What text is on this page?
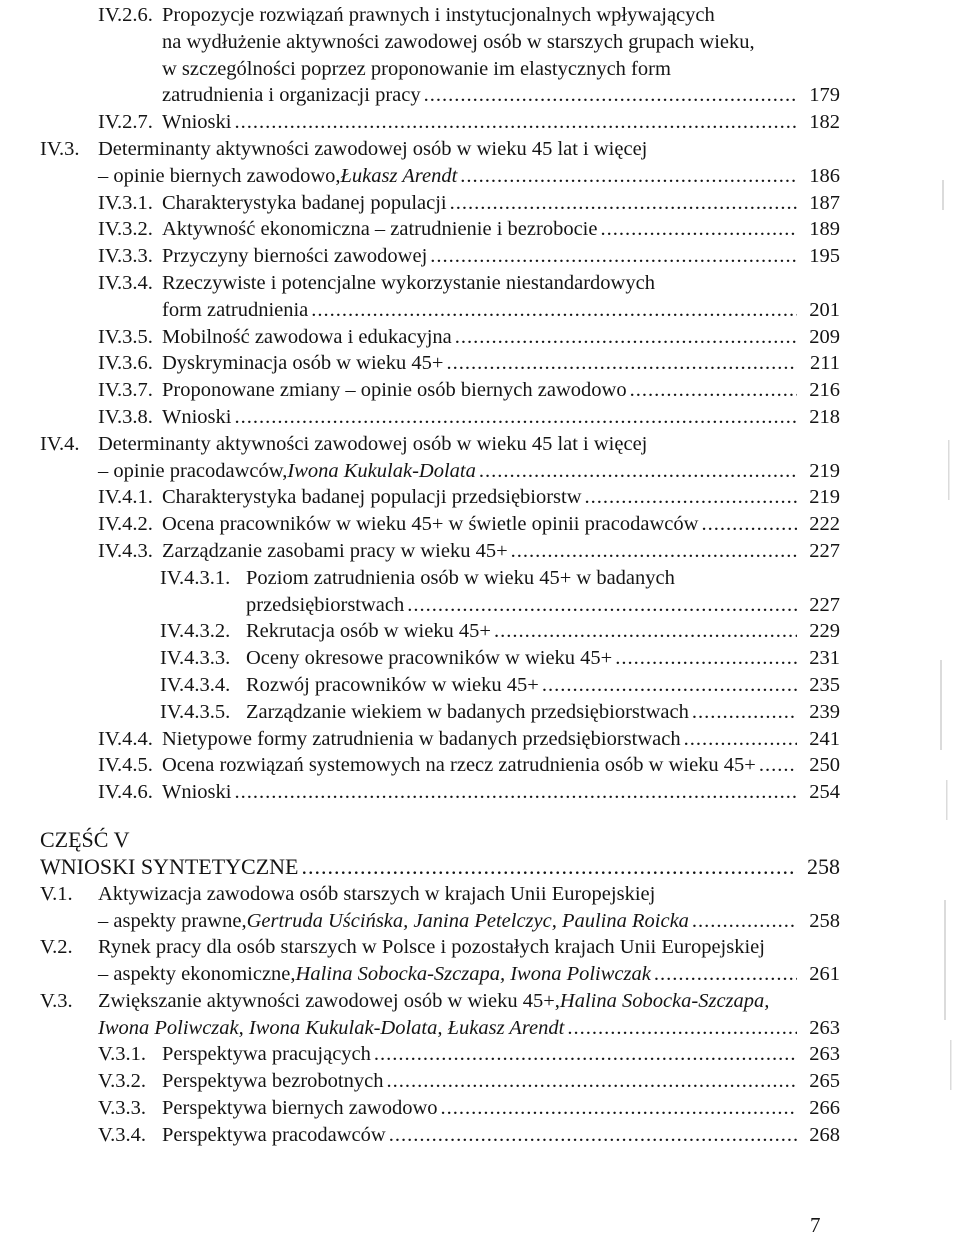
IV.2.6. Propozycje rozwiązań prawnych i instytucjonalnych wpływających
na wydłużenie aktywności zawodowej osób w starszych grupach wieku,
w szczególności poprzez proponowanie im elastycznych form
zatrudnienia i organizacji pracy .....	179
IV.2.7. Wnioski .....	182
IV.3. Determinanty aktywności zawodowej osób w wieku 45 lat i więcej
– opinie biernych zawodowo, Łukasz Arendt .....	186
IV.3.1. Charakterystyka badanej populacji .....	187
IV.3.2. Aktywność ekonomiczna – zatrudnienie i bezrobocie .....	189
IV.3.3. Przyczyny bierności zawodowej .....	195
IV.3.4. Rzeczywiste i potencjalne wykorzystanie niestandardowych
form zatrudnienia .....	201
IV.3.5. Mobilność zawodowa i edukacyjna .....	209
IV.3.6. Dyskryminacja osób w wieku 45+ .....	211
IV.3.7. Proponowane zmiany – opinie osób biernych zawodowo .....	216
IV.3.8. Wnioski .....	218
IV.4. Determinanty aktywności zawodowej osób w wieku 45 lat i więcej
– opinie pracodawców, Iwona Kukulak-Dolata .....	219
IV.4.1. Charakterystyka badanej populacji przedsiębiorstw .....	219
IV.4.2. Ocena pracowników w wieku 45+ w świetle opinii pracodawców .....	222
IV.4.3. Zarządzanie zasobami pracy w wieku 45+ .....	227
IV.4.3.1. Poziom zatrudnienia osób w wieku 45+ w badanych
przedsiębiorstwach .....	227
IV.4.3.2. Rekrutacja osób w wieku 45+ .....	229
IV.4.3.3. Oceny okresowe pracowników w wieku 45+ .....	231
IV.4.3.4. Rozwój pracowników w wieku 45+ .....	235
IV.4.3.5. Zarządzanie wiekiem w badanych przedsiębiorstwach .....	239
IV.4.4. Nietypowe formy zatrudnienia w badanych przedsiębiorstwach .....	241
IV.4.5. Ocena rozwiązań systemowych na rzecz zatrudnienia osób w wieku 45+ .....	250
IV.4.6. Wnioski .....	254
CZĘŚĆ V
WNIOSKI SYNTETYCZNE .....	258
V.1.	Aktywizacja zawodowa osób starszych w krajach Unii Europejskiej
– aspekty prawne, Gertruda Uścińska, Janina Petelczyc, Paulina Roicka .....	258
V.2.	Rynek pracy dla osób starszych w Polsce i pozostałych krajach Unii Europejskiej
– aspekty ekonomiczne, Halina Sobocka-Szczapa, Iwona Poliwczak .....	261
V.3.	Zwiększanie aktywności zawodowej osób w wieku 45+, Halina Sobocka-Szczapa,
Iwona Poliwczak, Iwona Kukulak-Dolata, Łukasz Arendt .....	263
V.3.1. Perspektywa pracujących .....	263
V.3.2. Perspektywa bezrobotnych .....	265
V.3.3. Perspektywa biernych zawodowo .....	266
V.3.4. Perspektywa pracodawców .....	268
7
